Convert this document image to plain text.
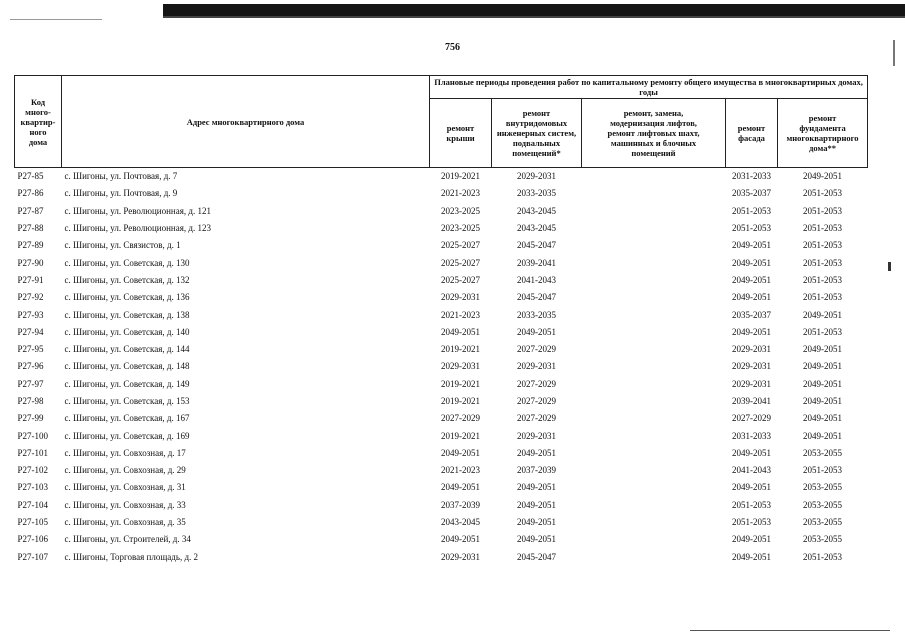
756
Код
много-
квартир-
ного
дома	Адрес многоквартирного дома	Плановые периоды проведения работ по капитальному ремонту общего имущества в многоквартирных домах, годы				

		ремонт
крыши	ремонт
внутридомовых
инженерных систем,
подвальных
помещений*	ремонт, замена,
модернизация лифтов,
ремонт лифтовых шахт,
машинных и блочных
помещений	ремонт
фасада	ремонт
фундамента
многоквартирного
дома**

Р27-85	с. Шигоны, ул. Почтовая, д. 7	2019-2021	2029-2031		2031-2033	2049-2051
Р27-86	с. Шигоны, ул. Почтовая, д. 9	2021-2023	2033-2035		2035-2037	2051-2053
Р27-87	с. Шигоны, ул. Революционная, д. 121	2023-2025	2043-2045		2051-2053	2051-2053
Р27-88	с. Шигоны, ул. Революционная, д. 123	2023-2025	2043-2045		2051-2053	2051-2053
Р27-89	с. Шигоны, ул. Связистов, д. 1	2025-2027	2045-2047		2049-2051	2051-2053
Р27-90	с. Шигоны, ул. Советская, д. 130	2025-2027	2039-2041		2049-2051	2051-2053
Р27-91	с. Шигоны, ул. Советская, д. 132	2025-2027	2041-2043		2049-2051	2051-2053
Р27-92	с. Шигоны, ул. Советская, д. 136	2029-2031	2045-2047		2049-2051	2051-2053
Р27-93	с. Шигоны, ул. Советская, д. 138	2021-2023	2033-2035		2035-2037	2049-2051
Р27-94	с. Шигоны, ул. Советская, д. 140	2049-2051	2049-2051		2049-2051	2051-2053
Р27-95	с. Шигоны, ул. Советская, д. 144	2019-2021	2027-2029		2029-2031	2049-2051
Р27-96	с. Шигоны, ул. Советская, д. 148	2029-2031	2029-2031		2029-2031	2049-2051
Р27-97	с. Шигоны, ул. Советская, д. 149	2019-2021	2027-2029		2029-2031	2049-2051
Р27-98	с. Шигоны, ул. Советская, д. 153	2019-2021	2027-2029		2039-2041	2049-2051
Р27-99	с. Шигоны, ул. Советская, д. 167	2027-2029	2027-2029		2027-2029	2049-2051
Р27-100	с. Шигоны, ул. Советская, д. 169	2019-2021	2029-2031		2031-2033	2049-2051
Р27-101	с. Шигоны, ул. Совхозная, д. 17	2049-2051	2049-2051		2049-2051	2053-2055
Р27-102	с. Шигоны, ул. Совхозная, д. 29	2021-2023	2037-2039		2041-2043	2051-2053
Р27-103	с. Шигоны, ул. Совхозная, д. 31	2049-2051	2049-2051		2049-2051	2053-2055
Р27-104	с. Шигоны, ул. Совхозная, д. 33	2037-2039	2049-2051		2051-2053	2053-2055
Р27-105	с. Шигоны, ул. Совхозная, д. 35	2043-2045	2049-2051		2051-2053	2053-2055
Р27-106	с. Шигоны, ул. Строителей, д. 34	2049-2051	2049-2051		2049-2051	2053-2055
Р27-107	с. Шигоны, Торговая площадь, д. 2	2029-2031	2045-2047		2049-2051	2051-2053
